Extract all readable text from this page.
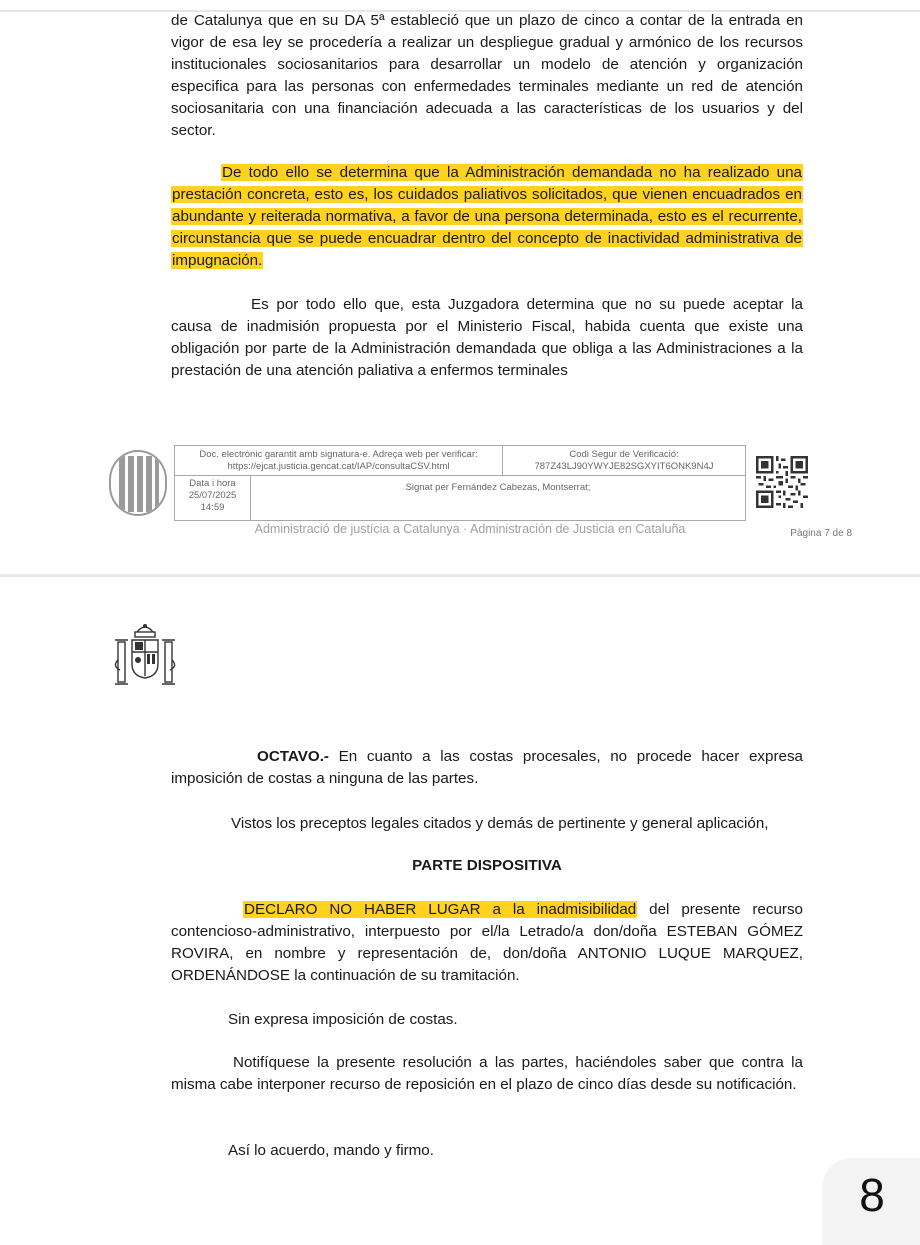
de Catalunya que en su DA 5ª estableció que un plazo de cinco a contar de la entrada en vigor de esa ley se procedería a realizar un despliegue gradual y armónico de los recursos institucionales sociosanitarios para desarrollar un modelo de atención y organización especifica para las personas con enfermedades terminales mediante un red de atención sociosanitaria con una financiación adecuada a las características de los usuarios y del sector.
De todo ello se determina que la Administración demandada no ha realizado una prestación concreta, esto es, los cuidados paliativos solicitados, que vienen encuadrados en abundante y reiterada normativa, a favor de una persona determinada, esto es el recurrente, circunstancia que se puede encuadrar dentro del concepto de inactividad administrativa de impugnación.
Es por todo ello que, esta Juzgadora determina que no su puede aceptar la causa de inadmisión propuesta por el Ministerio Fiscal, habida cuenta que existe una obligación por parte de la Administración demandada que obliga a las Administraciones a la prestación de una atención paliativa a enfermos terminales
Doc. electrònic garantit amb signatura-e. Adreça web per verificar:
https://ejcat.justicia.gencat.cat/IAP/consultaCSV.html
Codi Segur de Verificació:
787Z43LJ90YWYJE82SGXYIT6ONK9N4J
Data i hora
25/07/2025
14:59
Signat per Fernández Cabezas, Montserrat;
Administració de justícia a Catalunya · Administración de Justicia en Cataluña	Pàgina 7 de 8
OCTAVO.- En cuanto a las costas procesales, no procede hacer expresa imposición de costas a ninguna de las partes.
Vistos los preceptos legales citados y demás de pertinente y general aplicación,
PARTE DISPOSITIVA
DECLARO NO HABER LUGAR a la inadmisibilidad del presente recurso contencioso-administrativo, interpuesto por el/la Letrado/a don/doña ESTEBAN GÓMEZ ROVIRA, en nombre y representación de, don/doña ANTONIO LUQUE MARQUEZ, ORDENÁNDOSE la continuación de su tramitación.
Sin expresa imposición de costas.
Notifíquese la presente resolución a las partes, haciéndoles saber que contra la misma cabe interponer recurso de reposición en el plazo de cinco días desde su notificación.
Así lo acuerdo, mando y firmo.
8
